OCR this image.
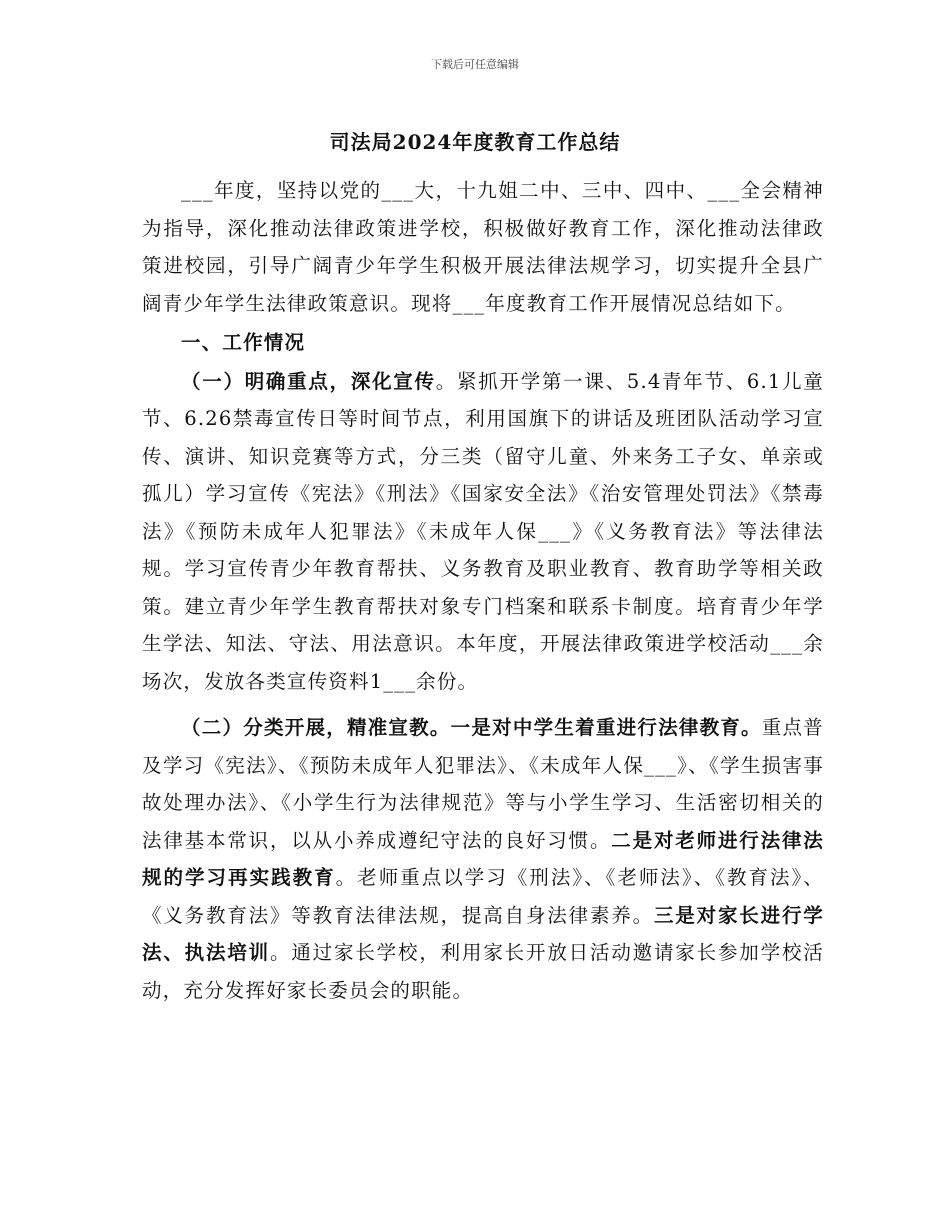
下载后可任意编辑
司法局2024年度教育工作总结

___年度，坚持以党的___大，十九姐二中、三中、四中、___全会精神为指导，深化推动法律政策进学校，积极做好教育工作，深化推动法律政策进校园，引导广阔青少年学生积极开展法律法规学习，切实提升全县广阔青少年学生法律政策意识。现将___年度教育工作开展情况总结如下。

一、工作情况

（一）明确重点，深化宣传。紧抓开学第一课、5.4青年节、6.1儿童节、6.26禁毒宣传日等时间节点，利用国旗下的讲话及班团队活动学习宣传、演讲、知识竞赛等方式，分三类（留守儿童、外来务工子女、单亲或孤儿）学习宣传《宪法》《刑法》《国家安全法》《治安管理处罚法》《禁毒法》《预防未成年人犯罪法》《未成年人保___》《义务教育法》等法律法规。学习宣传青少年教育帮扶、义务教育及职业教育、教育助学等相关政策。建立青少年学生教育帮扶对象专门档案和联系卡制度。培育青少年学生学法、知法、守法、用法意识。本年度，开展法律政策进学校活动___余场次，发放各类宣传资料1___余份。

（二）分类开展，精准宣教。一是对中学生着重进行法律教育。重点普及学习《宪法》、《预防未成年人犯罪法》、《未成年人保___》、《学生损害事故处理办法》、《小学生行为法律规范》等与小学生学习、生活密切相关的法律基本常识，以从小养成遵纪守法的良好习惯。二是对老师进行法律法规的学习再实践教育。老师重点以学习《刑法》、《老师法》、《教育法》、《义务教育法》等教育法律法规，提高自身法律素养。三是对家长进行学法、执法培训。通过家长学校，利用家长开放日活动邀请家长参加学校活动，充分发挥好家长委员会的职能。
